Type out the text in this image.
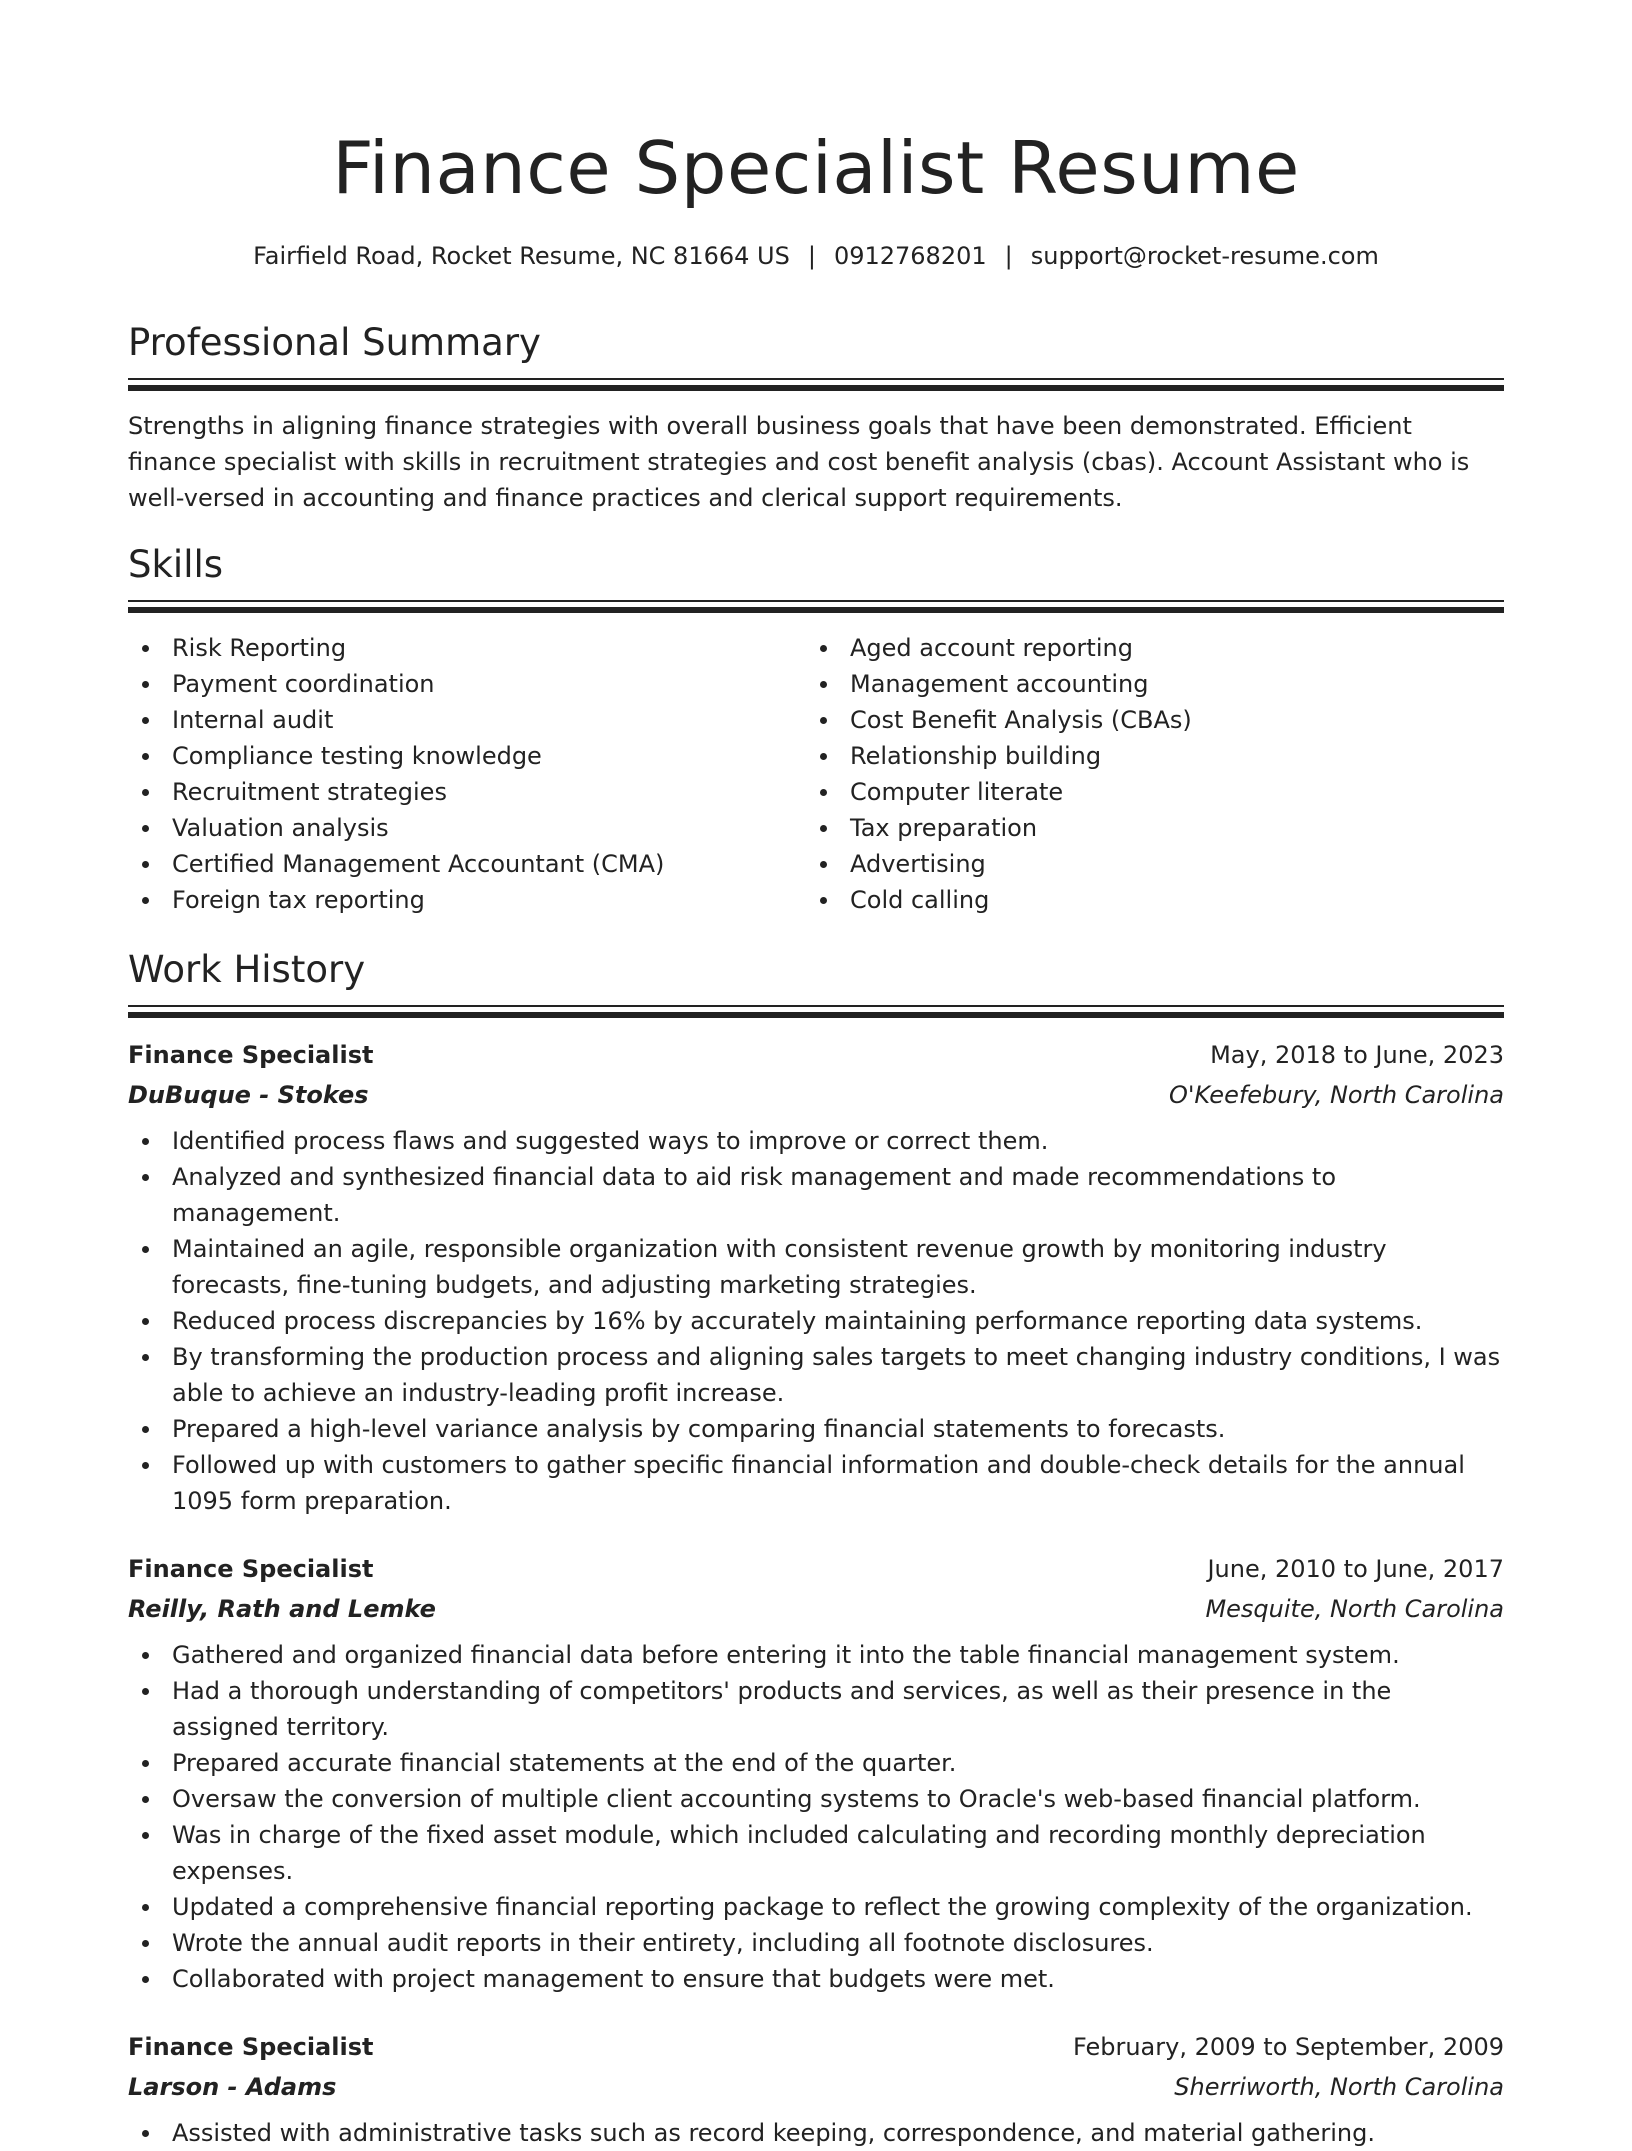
Finance Specialist Resume
Fairfield Road, Rocket Resume, NC 81664 US | 0912768201 | support@rocket-resume.com
Professional Summary

Strengths in aligning finance strategies with overall business goals that have been demonstrated. Efficient finance specialist with skills in recruitment strategies and cost benefit analysis (cbas). Account Assistant who is well-versed in accounting and finance practices and clerical support requirements.

Skills
Risk Reporting
Payment coordination
Internal audit
Compliance testing knowledge
Recruitment strategies
Valuation analysis
Certified Management Accountant (CMA)
Foreign tax reporting
Aged account reporting
Management accounting
Cost Benefit Analysis (CBAs)
Relationship building
Computer literate
Tax preparation
Advertising
Cold calling
Work History
Finance Specialist	May, 2018 to June, 2023
DuBuque - Stokes	O'Keefebury, North Carolina
Identified process flaws and suggested ways to improve or correct them.
Analyzed and synthesized financial data to aid risk management and made recommendations to management.
Maintained an agile, responsible organization with consistent revenue growth by monitoring industry forecasts, fine-tuning budgets, and adjusting marketing strategies.
Reduced process discrepancies by 16% by accurately maintaining performance reporting data systems.
By transforming the production process and aligning sales targets to meet changing industry conditions, I was able to achieve an industry-leading profit increase.
Prepared a high-level variance analysis by comparing financial statements to forecasts.
Followed up with customers to gather specific financial information and double-check details for the annual 1095 form preparation.
Finance Specialist	June, 2010 to June, 2017
Reilly, Rath and Lemke	Mesquite, North Carolina
Gathered and organized financial data before entering it into the table financial management system.
Had a thorough understanding of competitors' products and services, as well as their presence in the assigned territory.
Prepared accurate financial statements at the end of the quarter.
Oversaw the conversion of multiple client accounting systems to Oracle's web-based financial platform.
Was in charge of the fixed asset module, which included calculating and recording monthly depreciation expenses.
Updated a comprehensive financial reporting package to reflect the growing complexity of the organization.
Wrote the annual audit reports in their entirety, including all footnote disclosures.
Collaborated with project management to ensure that budgets were met.
Finance Specialist	February, 2009 to September, 2009
Larson - Adams	Sherriworth, North Carolina
Assisted with administrative tasks such as record keeping, correspondence, and material gathering.
